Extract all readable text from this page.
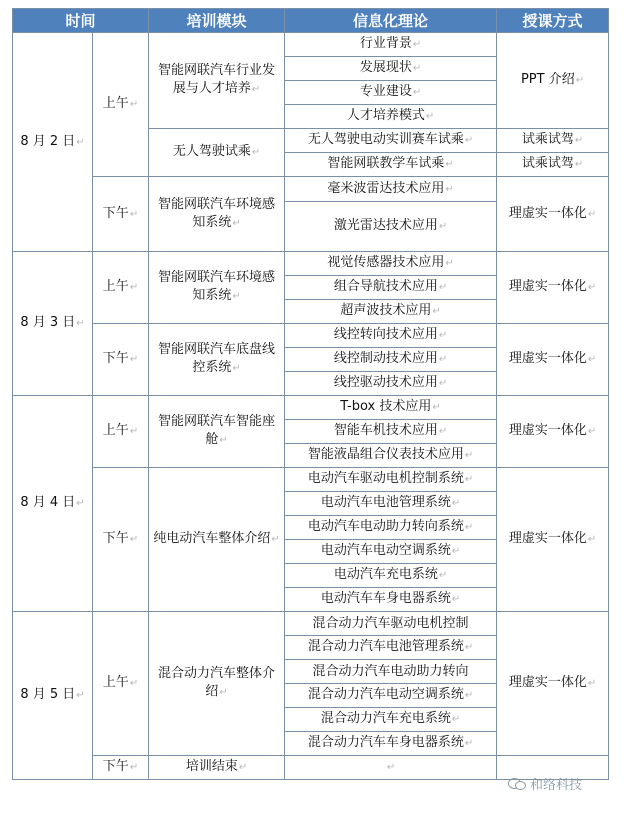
时间		培训模块	信息化理论	授课方式
8 月 2 日 ↵	上午 ↵	智能网联汽车行业发展与人才培养 ↵	行业背景 ↵	PPT 介绍 ↵
			发展现状 ↵
			专业建设 ↵
			人才培养模式 ↵
		无人驾驶试乘 ↵	无人驾驶电动实训赛车试乘 ↵	试乘试驾 ↵
			智能网联教学车试乘 ↵	试乘试驾 ↵
	下午 ↵	智能网联汽车环境感知系统 ↵	毫米波雷达技术应用 ↵	理虚实一体化 ↵
			激光雷达技术应用 ↵
8 月 3 日 ↵	上午 ↵	智能网联汽车环境感知系统 ↵	视觉传感器技术应用 ↵	理虚实一体化 ↵
			组合导航技术应用 ↵
			超声波技术应用 ↵
	下午 ↵	智能网联汽车底盘线控系统 ↵	线控转向技术应用 ↵	理虚实一体化 ↵
			线控制动技术应用 ↵
			线控驱动技术应用 ↵
8 月 4 日 ↵	上午 ↵	智能网联汽车智能座舱 ↵	T-box 技术应用 ↵	理虚实一体化 ↵
			智能车机技术应用 ↵
			智能液晶组合仪表技术应用 ↵
	下午 ↵	纯电动汽车整体介绍 ↵	电动汽车驱动电机控制系统 ↵	理虚实一体化 ↵
			电动汽车电池管理系统 ↵
			电动汽车电动助力转向系统 ↵
			电动汽车电动空调系统 ↵
			电动汽车充电系统 ↵
			电动汽车车身电器系统 ↵
8 月 5 日 ↵	上午 ↵	混合动力汽车整体介绍 ↵	混合动力汽车驱动电机控制	理虚实一体化 ↵
			混合动力汽车电池管理系统 ↵
			混合动力汽车电动助力转向	
			混合动力汽车电动空调系统 ↵
			混合动力汽车充电系统 ↵
			混合动力汽车车身电器系统 ↵
	下午 ↵	培训结束 ↵	↵	
和络科技
